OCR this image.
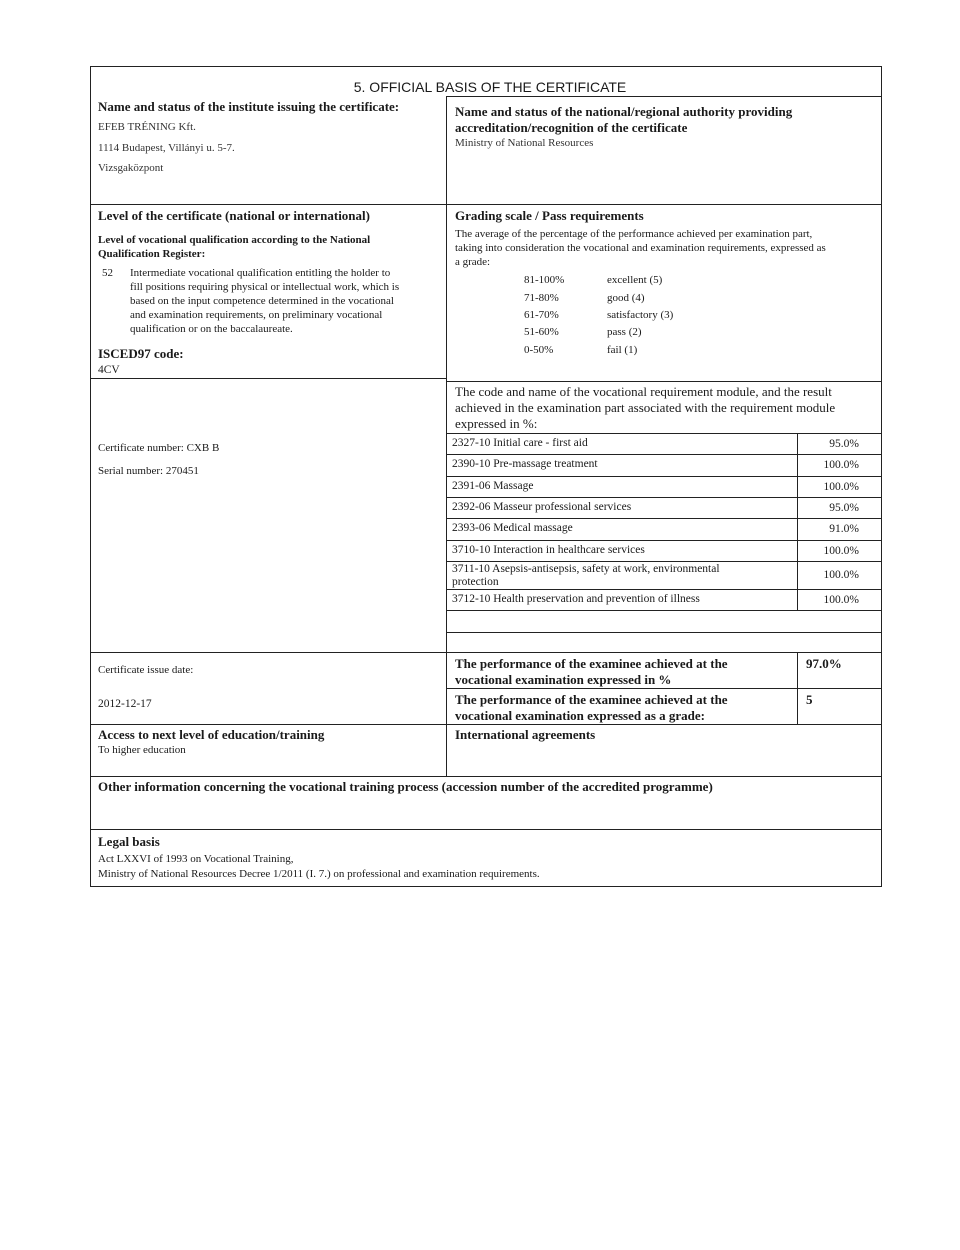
5. OFFICIAL BASIS OF THE CERTIFICATE
Name and status of the institute issuing the certificate:
EFEB TRÉNING Kft.
1114 Budapest, Villányi u. 5-7.
Vizsgaközpont
Name and status of the national/regional authority providing
accreditation/recognition of the certificate
Ministry of National Resources
Level of the certificate (national or international)
Level of vocational qualification according to the National
Qualification Register:
52 Intermediate vocational qualification entitling the holder to
fill positions requiring physical or intellectual work, which is
based on the input competence determined in the vocational
and examination requirements, on preliminary vocational
qualification or on the baccalaureate.
ISCED97 code:
4CV
Grading scale / Pass requirements
The average of the percentage of the performance achieved per examination part,
taking into consideration the vocational and examination requirements, expressed as
a grade:
81-100%	excellent (5)
71-80%	good (4)
61-70%	satisfactory (3)
51-60%	pass (2)
0-50%	fail (1)
The code and name of the vocational requirement module, and the result
achieved in the examination part associated with the requirement module
expressed in %:
Certificate number: CXB B
Serial number: 270451
2327-10 Initial care - first aid	95.0%
2390-10 Pre-massage treatment	100.0%
2391-06 Massage	100.0%
2392-06 Masseur professional services	95.0%
2393-06 Medical massage	91.0%
3710-10 Interaction in healthcare services	100.0%
3711-10 Asepsis-antisepsis, safety at work, environmental protection
100.0%
3712-10 Health preservation and prevention of illness	100.0%
Certificate issue date:
2012-12-17
The performance of the examinee achieved at the
vocational examination expressed in %
97.0%
The performance of the examinee achieved at the
vocational examination expressed as a grade:
5
Access to next level of education/training
To higher education
International agreements
Other information concerning the vocational training process (accession number of the accredited programme)
Legal basis
Act LXXVI of 1993 on Vocational Training,
Ministry of National Resources Decree 1/2011 (I. 7.) on professional and examination requirements.
